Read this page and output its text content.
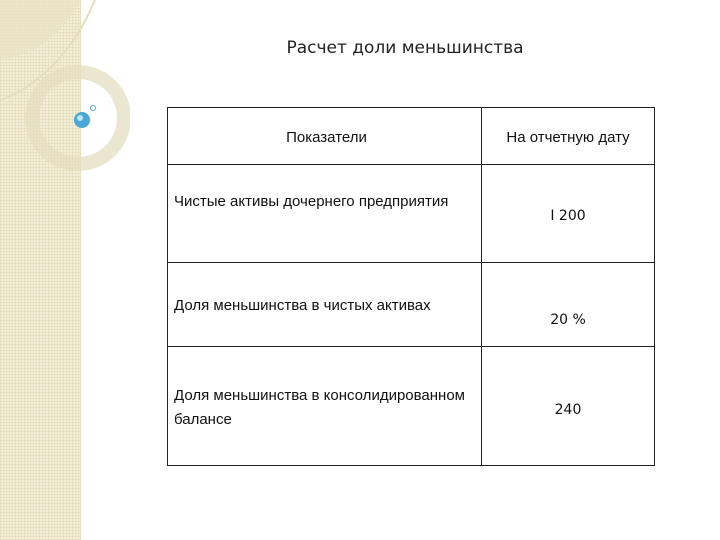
Расчет доли меньшинства
Показатели	На отчетную дату
Чистые активы дочернего предприятия
I 200
Доля меньшинства в чистых активах
20 %
Доля меньшинства в консолидированном балансе
240
